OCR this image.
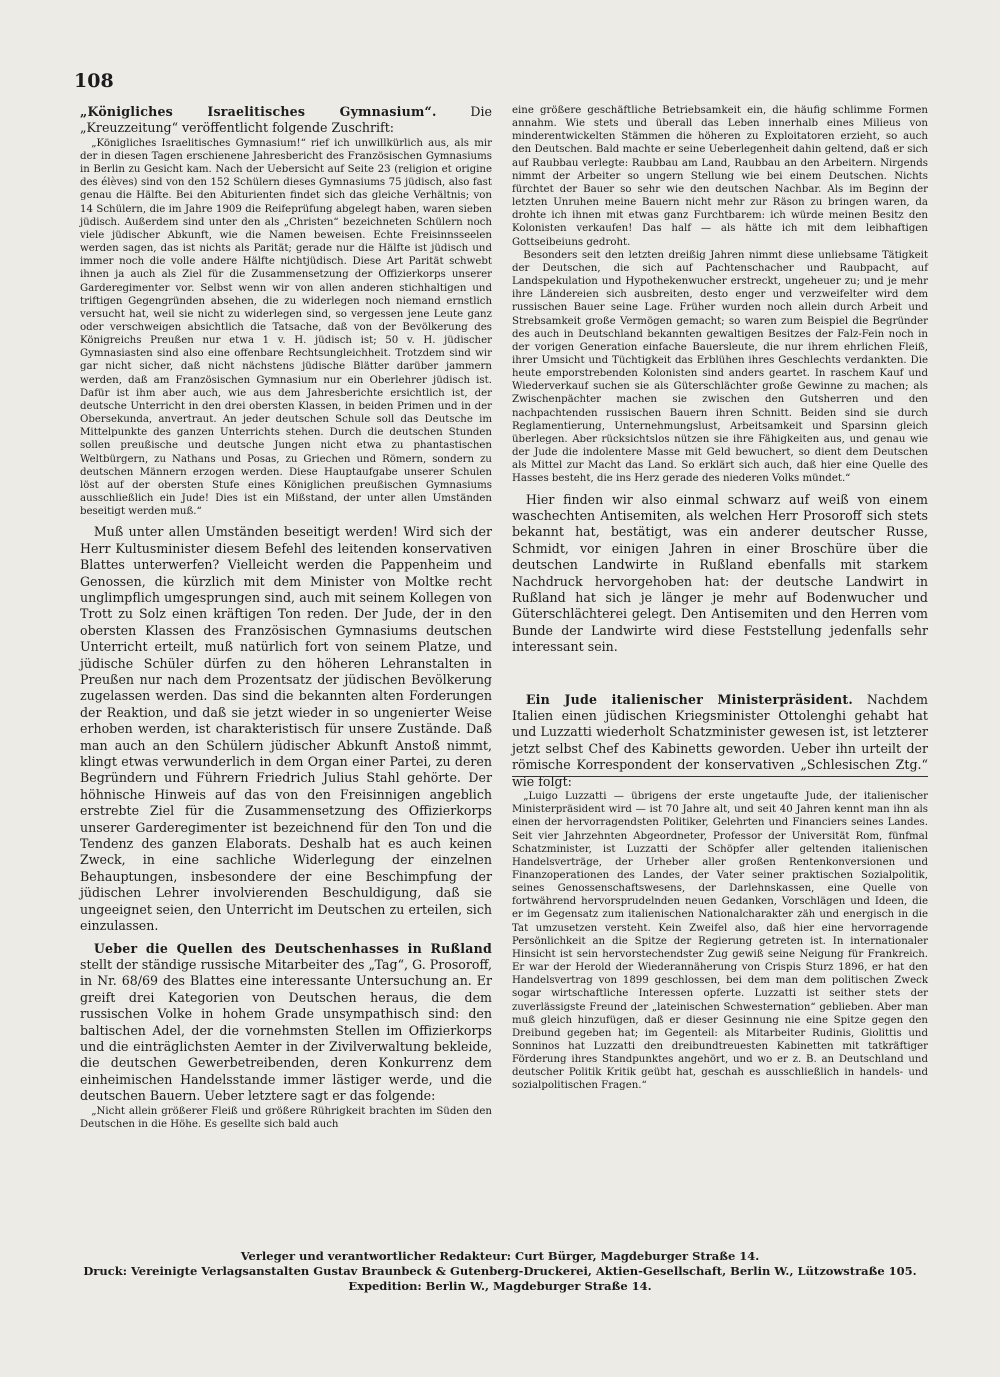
108

„Königliches Israelitisches Gymnasium“.	Die „Kreuzzeitung“ veröffentlicht folgende Zuschrift:

„Königliches Israelitisches Gymnasium!“ rief ich unwillkürlich aus, als mir der in diesen Tagen erschienene Jahresbericht des Französischen Gymnasiums in Berlin zu Gesicht kam. Nach der Uebersicht auf Seite 23 (religion et origine des élèves) sind von den 152 Schülern dieses Gymnasiums 75 jüdisch, also fast genau die Hälfte. Bei den Abiturienten findet sich das gleiche Verhältnis; von 14 Schülern, die im Jahre 1909 die Reifeprüfung abgelegt haben, waren sieben jüdisch. Außerdem sind unter den als „Christen“ bezeichneten Schülern noch viele jüdischer Abkunft, wie die Namen beweisen. Echte Freisinnsseelen werden sagen, das ist nichts als Parität; gerade nur die Hälfte ist jüdisch und immer noch die volle andere Hälfte nichtjüdisch. Diese Art Parität schwebt ihnen ja auch als Ziel für die Zusammensetzung der Offizierkorps unserer Garderegimenter vor. Selbst wenn wir von allen anderen stichhaltigen und triftigen Gegengründen absehen, die zu widerlegen noch niemand ernstlich versucht hat, weil sie nicht zu widerlegen sind, so vergessen jene Leute ganz oder verschweigen absichtlich die Tatsache, daß von der Bevölkerung des Königreichs Preußen nur etwa 1 v. H. jüdisch ist; 50 v. H. jüdischer Gymnasiasten sind also eine offenbare Rechtsungleichheit. Trotzdem sind wir gar nicht sicher, daß nicht nächstens jüdische Blätter darüber jammern werden, daß am Französischen Gymnasium nur ein Oberlehrer jüdisch ist. Dafür ist ihm aber auch, wie aus dem Jahresberichte ersichtlich ist, der deutsche Unterricht in den drei obersten Klassen, in beiden Primen und in der Obersekunda, anvertraut. An jeder deutschen Schule soll das Deutsche im Mittelpunkte des ganzen Unterrichts stehen. Durch die deutschen Stunden sollen preußische und deutsche Jungen nicht etwa zu phantastischen Weltbürgern, zu Nathans und Posas, zu Griechen und Römern, sondern zu deutschen Männern erzogen werden. Diese Hauptaufgabe unserer Schulen löst auf der obersten Stufe eines Königlichen preußischen Gymnasiums ausschließlich ein Jude! Dies ist ein Mißstand, der unter allen Umständen beseitigt werden muß.“

Muß unter allen Umständen beseitigt werden! Wird sich der Herr Kultusminister diesem Befehl des leitenden konservativen Blattes unterwerfen? Vielleicht werden die Pappenheim und Genossen, die kürzlich mit dem Minister von Moltke recht unglimpflich umgesprungen sind, auch mit seinem Kollegen von Trott zu Solz einen kräftigen Ton reden. Der Jude, der in den obersten Klassen des Französischen Gymnasiums deutschen Unterricht erteilt, muß natürlich fort von seinem Platze, und jüdische Schüler dürfen zu den höheren Lehranstalten in Preußen nur nach dem Prozentsatz der jüdischen Bevölkerung zugelassen werden. Das sind die bekannten alten Forderungen der Reaktion, und daß sie jetzt wieder in so ungenierter Weise erhoben werden, ist charakteristisch für unsere Zustände. Daß man auch an den Schülern jüdischer Abkunft Anstoß nimmt, klingt etwas verwunderlich in dem Organ einer Partei, zu deren Begründern und Führern Friedrich Julius Stahl gehörte. Der höhnische Hinweis auf das von den Freisinnigen angeblich erstrebte Ziel für die Zusammensetzung des Offizierkorps unserer Garderegimenter ist bezeichnend für den Ton und die Tendenz des ganzen Elaborats. Deshalb hat es auch keinen Zweck, in eine sachliche Widerlegung der einzelnen Behauptungen, insbesondere der eine Beschimpfung der jüdischen Lehrer involvierenden Beschuldigung, daß sie ungeeignet seien, den Unterricht im Deutschen zu erteilen, sich einzulassen.

Ueber die Quellen des Deutschenhasses in Rußland stellt der ständige russische Mitarbeiter des „Tag“, G. Prosoroff, in Nr. 68/69 des Blattes eine interessante Untersuchung an. Er greift drei Kategorien von Deutschen heraus, die dem russischen Volke in hohem Grade unsympathisch sind: den baltischen Adel, der die vornehmsten Stellen im Offizierkorps und die einträglichsten Aemter in der Zivilverwaltung bekleide, die deutschen Gewerbetreibenden, deren Konkurrenz dem einheimischen Handelsstande immer lästiger werde, und die deutschen Bauern. Ueber letztere sagt er das folgende:

„Nicht allein größerer Fleiß und größere Rührigkeit brachten im Süden den Deutschen in die Höhe. Es gesellte sich bald auch

eine größere geschäftliche Betriebsamkeit ein, die häufig schlimme Formen annahm. Wie stets und überall das Leben innerhalb eines Milieus von minderentwickelten Stämmen die höheren zu Exploitatoren erzieht, so auch den Deutschen. Bald machte er seine Ueberlegenheit dahin geltend, daß er sich auf Raubbau verlegte: Raubbau am Land, Raubbau an den Arbeitern. Nirgends nimmt der Arbeiter so ungern Stellung wie bei einem Deutschen. Nichts fürchtet der Bauer so sehr wie den deutschen Nachbar. Als im Beginn der letzten Unruhen meine Bauern nicht mehr zur Räson zu bringen waren, da drohte ich ihnen mit etwas ganz Furchtbarem: ich würde meinen Besitz den Kolonisten verkaufen! Das half — als hätte ich mit dem leibhaftigen Gottseibeiuns gedroht.

Besonders seit den letzten dreißig Jahren nimmt diese unliebsame Tätigkeit der Deutschen, die sich auf Pachtenschacher und Raubpacht, auf Landspekulation und Hypothekenwucher erstreckt, ungeheuer zu; und je mehr ihre Ländereien sich ausbreiten, desto enger und verzweifelter wird dem russischen Bauer seine Lage. Früher wurden noch allein durch Arbeit und Strebsamkeit große Vermögen gemacht; so waren zum Beispiel die Begründer des auch in Deutschland bekannten gewaltigen Besitzes der Falz-Fein noch in der vorigen Generation einfache Bauersleute, die nur ihrem ehrlichen Fleiß, ihrer Umsicht und Tüchtigkeit das Erblühen ihres Geschlechts verdankten. Die heute emporstrebenden Kolonisten sind anders geartet. In raschem Kauf und Wiederverkauf suchen sie als Güterschlächter große Gewinne zu machen; als Zwischenpächter machen sie zwischen den Gutsherren und den nachpachtenden russischen Bauern ihren Schnitt. Beiden sind sie durch Reglamentierung, Unternehmungslust, Arbeitsamkeit und Sparsinn gleich überlegen. Aber rücksichtslos nützen sie ihre Fähigkeiten aus, und genau wie der Jude die indolentere Masse mit Geld bewuchert, so dient dem Deutschen als Mittel zur Macht das Land. So erklärt sich auch, daß hier eine Quelle des Hasses besteht, die ins Herz gerade des niederen Volks mündet.“

Hier finden wir also einmal schwarz auf weiß von einem waschechten Antisemiten, als welchen Herr Prosoroff sich stets bekannt hat, bestätigt, was ein anderer deutscher Russe, Schmidt, vor einigen Jahren in einer Broschüre über die deutschen Landwirte in Rußland ebenfalls mit starkem Nachdruck hervorgehoben hat: der deutsche Landwirt in Rußland hat sich je länger je mehr auf Bodenwucher und Güterschlächterei gelegt. Den Antisemiten und den Herren vom Bunde der Landwirte wird diese Feststellung jedenfalls sehr interessant sein.

Ein Jude italienischer Ministerpräsident. Nachdem Italien einen jüdischen Kriegsminister Ottolenghi gehabt hat und Luzzatti wiederholt Schatzminister gewesen ist, ist letzterer jetzt selbst Chef des Kabinetts geworden. Ueber ihn urteilt der römische Korrespondent der konservativen „Schlesischen Ztg.“ wie folgt:

„Luigo Luzzatti — übrigens der erste ungetaufte Jude, der italienischer Ministerpräsident wird — ist 70 Jahre alt, und seit 40 Jahren kennt man ihn als einen der hervorragendsten Politiker, Gelehrten und Financiers seines Landes. Seit vier Jahrzehnten Abgeordneter, Professor der Universität Rom, fünfmal Schatzminister, ist Luzzatti der Schöpfer aller geltenden italienischen Handelsverträge, der Urheber aller großen Rentenkonversionen und Finanzoperationen des Landes, der Vater seiner praktischen Sozialpolitik, seines Genossenschaftswesens, der Darlehnskassen, eine Quelle von fortwährend hervorsprudelnden neuen Gedanken, Vorschlägen und Ideen, die er im Gegensatz zum italienischen Nationalcharakter zäh und energisch in die Tat umzusetzen versteht. Kein Zweifel also, daß hier eine hervorragende Persönlichkeit an die Spitze der Regierung getreten ist. In internationaler Hinsicht ist sein hervorstechendster Zug gewiß seine Neigung für Frankreich. Er war der Herold der Wiederannäherung von Crispis Sturz 1896, er hat den Handelsvertrag von 1899 geschlossen, bei dem man dem politischen Zweck sogar wirtschaftliche Interessen opferte. Luzzatti ist seither stets der zuverlässigste Freund der „lateinischen Schwesternation“ geblieben. Aber man muß gleich hinzufügen, daß er dieser Gesinnung nie eine Spitze gegen den Dreibund gegeben hat; im Gegenteil: als Mitarbeiter Rudinis, Giolittis und Sonninos hat Luzzatti den dreibundtreuesten Kabinetten mit tatkräftiger Förderung ihres Standpunktes angehört, und wo er z. B. an Deutschland und deutscher Politik Kritik geübt hat, geschah es ausschließlich in handels- und sozialpolitischen Fragen.“

Verleger und verantwortlicher Redakteur: Curt Bürger, Magdeburger Straße 14.
Druck: Vereinigte Verlagsanstalten Gustav Braunbeck & Gutenberg-Druckerei, Aktien-Gesellschaft, Berlin W., Lützowstraße 105.
Expedition: Berlin W., Magdeburger Straße 14.
